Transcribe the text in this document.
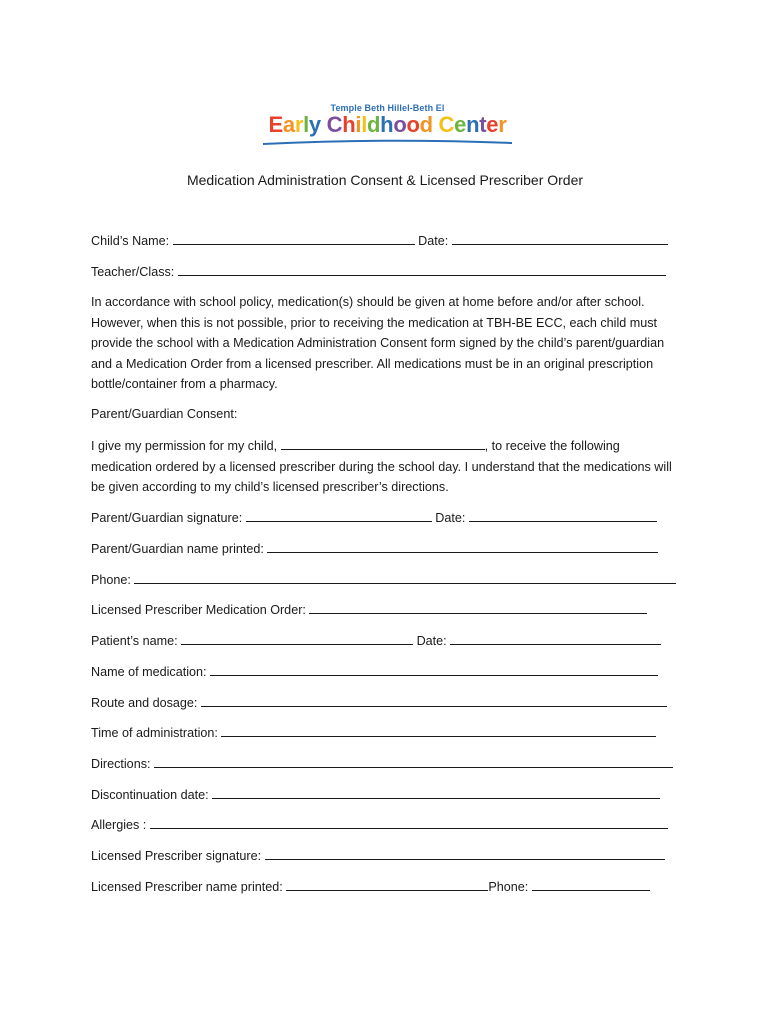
Temple Beth Hillel-Beth El
Early Childhood Center
Medication Administration Consent & Licensed Prescriber Order
Child’s Name:	Date:
Teacher/Class:
In accordance with school policy, medication(s) should be given at home before and/or after school. However, when this is not possible, prior to receiving the medication at TBH-BE ECC, each child must provide the school with a Medication Administration Consent form signed by the child’s parent/guardian and a Medication Order from a licensed prescriber. All medications must be in an original prescription bottle/container from a pharmacy.
Parent/Guardian Consent:
I give my permission for my child,	, to receive the following medication ordered by a licensed prescriber during the school day. I understand that the medications will be given according to my child’s licensed prescriber’s directions.
Parent/Guardian signature:	Date:
Parent/Guardian name printed:
Phone:
Licensed Prescriber Medication Order:
Patient’s name:	Date:
Name of medication:
Route and dosage:
Time of administration:
Directions:
Discontinuation date:
Allergies :
Licensed Prescriber signature:
Licensed Prescriber name printed:	Phone:
